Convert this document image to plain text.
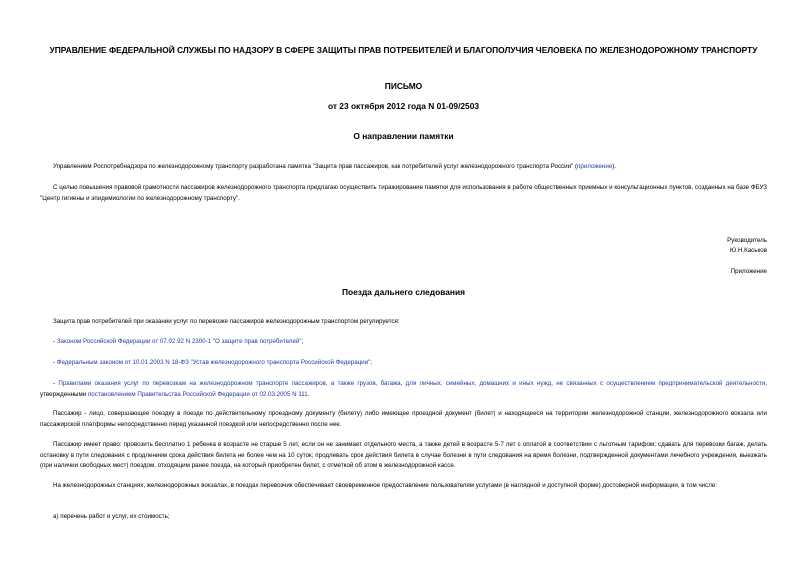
УПРАВЛЕНИЕ ФЕДЕРАЛЬНОЙ СЛУЖБЫ ПО НАДЗОРУ В СФЕРЕ ЗАЩИТЫ ПРАВ ПОТРЕБИТЕЛЕЙ И БЛАГОПОЛУЧИЯ ЧЕЛОВЕКА ПО ЖЕЛЕЗНОДОРОЖНОМУ ТРАНСПОРТУ
ПИСЬМО
от 23 октября 2012 года N 01-09/2503
О направлении памятки
Управлением Роспотребнадзора по железнодорожному транспорту разработана памятка "Защита прав пассажиров, как потребителей услуг железнодорожного транспорта России" (приложение).
С целью повышения правовой грамотности пассажиров железнодорожного транспорта предлагаю осуществить тиражирование памятки для использования в работе общественных приемных и консультационных пунктов, созданных на базе ФБУЗ "Центр гигиены и эпидемиологии по железнодорожному транспорту".
Руководитель
Ю.Н.Каськов
Приложение
Поезда дальнего следования
Защита прав потребителей при оказании услуг по перевозке пассажиров железнодорожным транспортом регулируется:
- Законом Российской Федерации от 07.02.92 N 2300-1 "О защите прав потребителей";
- Федеральным законом от 10.01.2003 N 18-ФЗ "Устав железнодорожного транспорта Российской Федерации";
- Правилами оказания услуг по перевозкам на железнодорожном транспорте пассажиров, а также грузов, багажа, для личных, семейных, домашних и иных нужд, не связанных с осуществлением предпринимательской деятельности, утвержденными постановлением Правительства Российской Федерации от 02.03.2005 N 111.
Пассажир - лицо, совершающее поездку в поезде по действительному проездному документу (билету) либо имеющее проездной документ (билет) и находящееся на территории железнодорожной станции, железнодорожного вокзала или пассажирской платформы непосредственно перед указанной поездкой или непосредственно после нее.
Пассажир имеет право: провозить бесплатно 1 ребенка в возрасте не старше 5 лет, если он не занимает отдельного места, а также детей в возрасте 5-7 лет с оплатой в соответствии с льготным тарифом; сдавать для перевозки багаж, делать остановку в пути следования с продлением срока действия билета не более чем на 10 суток; продлевать срок действия билета в случае болезни в пути следования на время болезни, подтвержденной документами лечебного учреждения, выезжать (при наличии свободных мест) поездом, отходящим ранее поезда, на который приобретен билет, с отметкой об этом в железнодорожной кассе.
На железнодорожных станциях, железнодорожных вокзалах, в поездах перевозчик обеспечивает своевременное предоставление пользователям услугами (в наглядной и доступной форме) достоверной информации, в том числе:
а) перечень работ и услуг, их стоимость;
